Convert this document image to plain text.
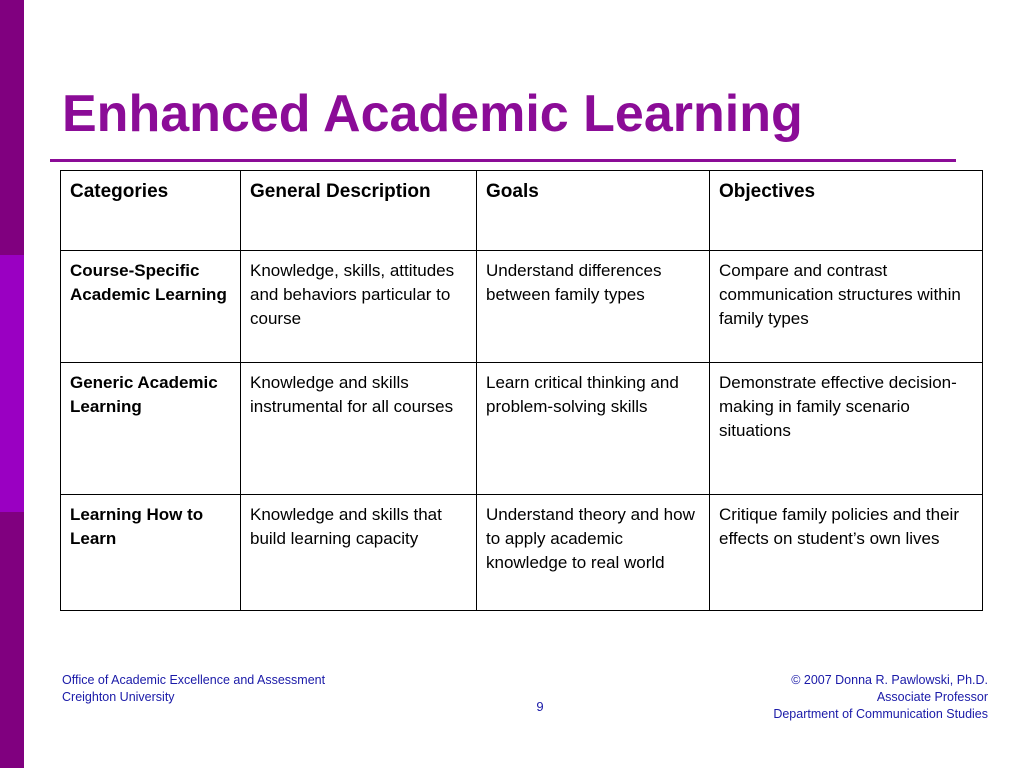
Enhanced Academic Learning
Categories	General Description	Goals	Objectives
Course-Specific Academic Learning	Knowledge, skills, attitudes and behaviors particular to course	Understand differences between family types	Compare and contrast communication structures within family types
Generic Academic Learning	Knowledge and skills instrumental for all courses	Learn critical thinking and problem-solving skills	Demonstrate effective decision-making in family scenario situations
Learning How to Learn	Knowledge and skills that build learning capacity	Understand theory and how to apply academic knowledge to real world	Critique family policies and their effects on student’s own lives
Office of Academic Excellence and Assessment
Creighton University
9
© 2007 Donna R. Pawlowski, Ph.D.
Associate Professor
Department of Communication Studies
